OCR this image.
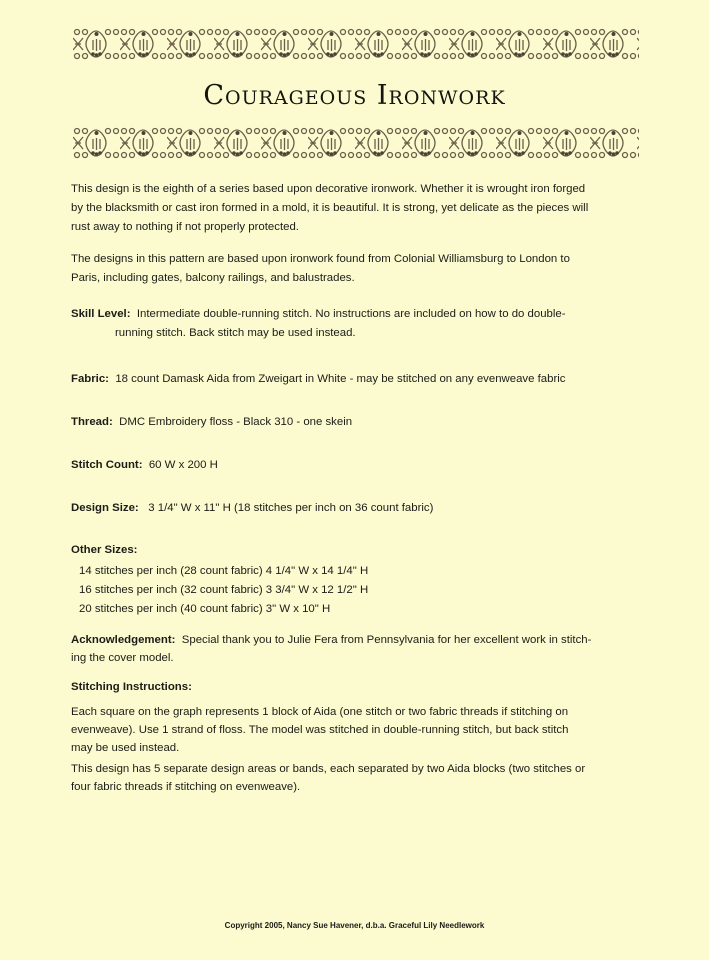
Courageous Ironwork
This design is the eighth of a series based upon decorative ironwork. Whether it is wrought iron forged
by the blacksmith or cast iron formed in a mold, it is beautiful. It is strong, yet delicate as the pieces will
rust away to nothing if not properly protected.
The designs in this pattern are based upon ironwork found from Colonial Williamsburg to London to
Paris, including gates, balcony railings, and balustrades.
Skill Level: Intermediate double-running stitch. No instructions are included on how to do double-
running stitch. Back stitch may be used instead.
Fabric: 18 count Damask Aida from Zweigart in White - may be stitched on any evenweave fabric
Thread: DMC Embroidery floss - Black 310 - one skein
Stitch Count: 60 W x 200 H
Design Size: 3 1/4" W x 11" H (18 stitches per inch on 36 count fabric)
Other Sizes:
14 stitches per inch (28 count fabric) 4 1/4" W x 14 1/4" H
16 stitches per inch (32 count fabric) 3 3/4" W x 12 1/2" H
20 stitches per inch (40 count fabric) 3" W x 10" H
Acknowledgement: Special thank you to Julie Fera from Pennsylvania for her excellent work in stitch-
ing the cover model.
Stitching Instructions:
Each square on the graph represents 1 block of Aida (one stitch or two fabric threads if stitching on
evenweave). Use 1 strand of floss. The model was stitched in double-running stitch, but back stitch
may be used instead.
This design has 5 separate design areas or bands, each separated by two Aida blocks (two stitches or
four fabric threads if stitching on evenweave).
Copyright 2005, Nancy Sue Havener, d.b.a. Graceful Lily Needlework
